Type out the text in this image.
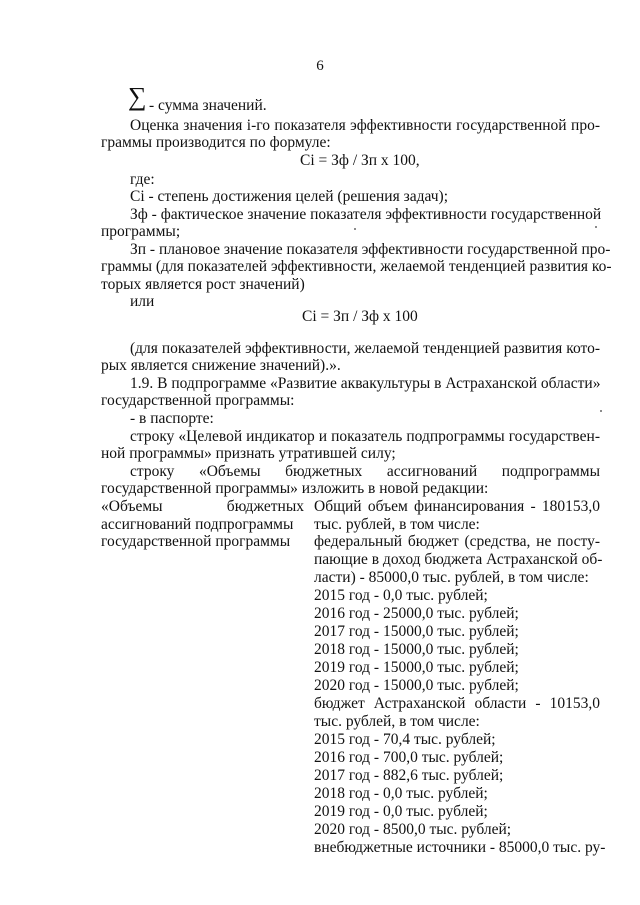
6
∑ - сумма значений.
Оценка значения i-го показателя эффективности государственной про-
граммы производится по формуле:
Сi = Зф / Зп х 100,
где:
Сi - степень достижения целей (решения задач);
Зф - фактическое значение показателя эффективности государственной
программы;
Зп - плановое значение показателя эффективности государственной про-
граммы (для показателей эффективности, желаемой тенденцией развития ко-
торых является рост значений)
или
Сi = Зп / Зф х 100
(для показателей эффективности, желаемой тенденцией развития кото-
рых является снижение значений).».
1.9. В подпрограмме «Развитие аквакультуры в Астраханской области»
государственной программы:
- в паспорте:
строку «Целевой индикатор и показатель подпрограммы государствен-
ной программы» признать утратившей силу;
строку «Объемы бюджетных ассигнований подпрограммы
государственной программы» изложить в новой редакции:
«Объемы бюджетных
ассигнований подпрограммы
государственной программы
Общий объем финансирования - 180153,0
тыс. рублей, в том числе:
федеральный бюджет (средства, не посту-
пающие в доход бюджета Астраханской об-
ласти) - 85000,0 тыс. рублей, в том числе:
2015 год - 0,0 тыс. рублей;
2016 год - 25000,0 тыс. рублей;
2017 год - 15000,0 тыс. рублей;
2018 год - 15000,0 тыс. рублей;
2019 год - 15000,0 тыс. рублей;
2020 год - 15000,0 тыс. рублей;
бюджет Астраханской области - 10153,0
тыс. рублей, в том числе:
2015 год - 70,4 тыс. рублей;
2016 год - 700,0 тыс. рублей;
2017 год - 882,6 тыс. рублей;
2018 год - 0,0 тыс. рублей;
2019 год - 0,0 тыс. рублей;
2020 год - 8500,0 тыс. рублей;
внебюджетные источники - 85000,0 тыс. ру-
